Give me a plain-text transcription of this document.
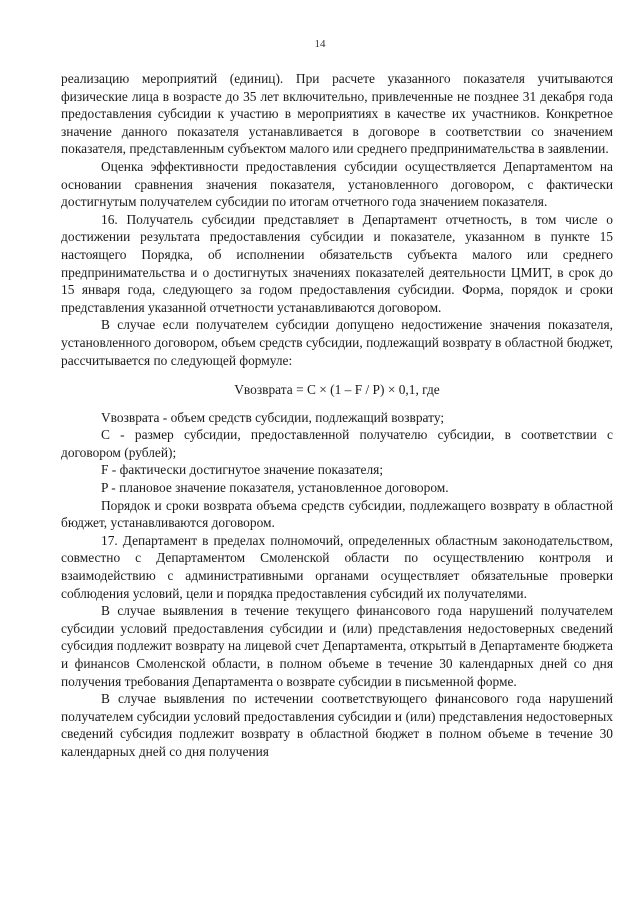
14

реализацию мероприятий (единиц). При расчете указанного показателя учитываются физические лица в возрасте до 35 лет включительно, привлеченные не позднее 31 декабря года предоставления субсидии к участию в мероприятиях в качестве их участников. Конкретное значение данного показателя устанавливается в договоре в соответствии со значением показателя, представленным субъектом малого или среднего предпринимательства в заявлении.

Оценка эффективности предоставления субсидии осуществляется Департаментом на основании сравнения значения показателя, установленного договором, с фактически достигнутым получателем субсидии по итогам отчетного года значением показателя.

16. Получатель субсидии представляет в Департамент отчетность, в том числе о достижении результата предоставления субсидии и показателе, указанном в пункте 15 настоящего Порядка, об исполнении обязательств субъекта малого или среднего предпринимательства и о достигнутых значениях показателей деятельности ЦМИТ, в срок до 15 января года, следующего за годом предоставления субсидии. Форма, порядок и сроки представления указанной отчетности устанавливаются договором.

В случае если получателем субсидии допущено недостижение значения показателя, установленного договором, объем средств субсидии, подлежащий возврату в областной бюджет, рассчитывается по следующей формуле:

Vвозврата = C × (1 – F / P) × 0,1, где

Vвозврата - объем средств субсидии, подлежащий возврату;

C - размер субсидии, предоставленной получателю субсидии, в соответствии с договором (рублей);

F - фактически достигнутое значение показателя;

P - плановое значение показателя, установленное договором.

Порядок и сроки возврата объема средств субсидии, подлежащего возврату в областной бюджет, устанавливаются договором.

17. Департамент в пределах полномочий, определенных областным законодательством, совместно с Департаментом Смоленской области по осуществлению контроля и взаимодействию с административными органами осуществляет обязательные проверки соблюдения условий, цели и порядка предоставления субсидий их получателями.

В случае выявления в течение текущего финансового года нарушений получателем субсидии условий предоставления субсидии и (или) представления недостоверных сведений субсидия подлежит возврату на лицевой счет Департамента, открытый в Департаменте бюджета и финансов Смоленской области, в полном объеме в течение 30 календарных дней со дня получения требования Департамента о возврате субсидии в письменной форме.

В случае выявления по истечении соответствующего финансового года нарушений получателем субсидии условий предоставления субсидии и (или) представления недостоверных сведений субсидия подлежит возврату в областной бюджет в полном объеме в течение 30 календарных дней со дня получения
